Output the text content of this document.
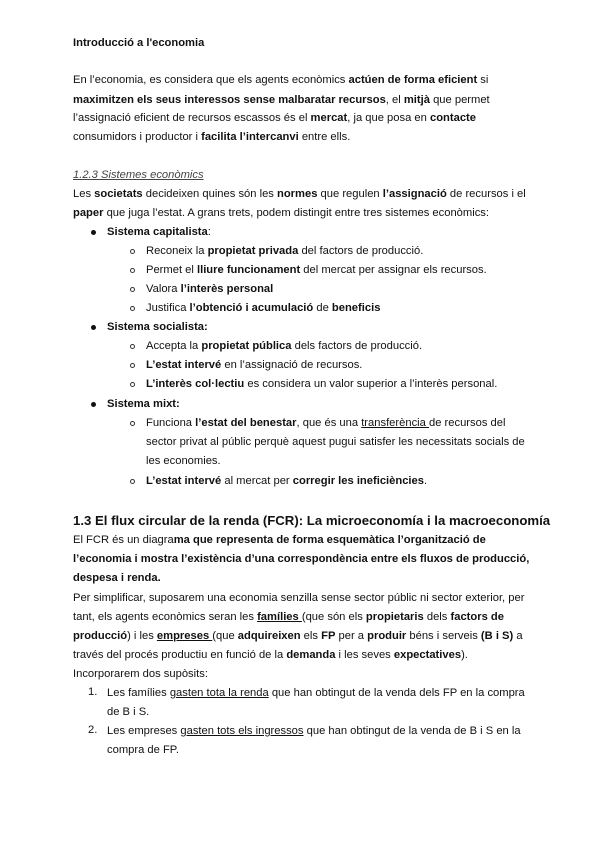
Introducció a l'economia
En l’economia, es considera que els agents econòmics actúen de forma eficient si
maximitzen els seus interessos sense malbaratar recursos, el mitjà que permet
l’assignació eficient de recursos escassos és el mercat, ja que posa en contacte
consumidors i productor i facilita l’intercanvi entre ells.
1.2.3 Sistemes econòmics
Les societats decideixen quines són les normes que regulen l’assignació de recursos i el
paper que juga l’estat. A grans trets, podem distingit entre tres sistemes econòmics:
Sistema capitalista:
Reconeix la propietat privada del factors de producció.
Permet el lliure funcionament del mercat per assignar els recursos.
Valora l’interès personal
Justifica l’obtenció i acumulació de beneficis
Sistema socialista:
Accepta la propietat pública dels factors de producció.
L’estat intervé en l’assignació de recursos.
L’interès col·lectiu es considera un valor superior a l’interès personal.
Sistema mixt:
Funciona l’estat del benestar, que és una transferència de recursos del
sector privat al públic perquè aquest pugui satisfer les necessitats socials de
les economies.
L’estat intervé al mercat per corregir les ineficiències.
1.3 El flux circular de la renda (FCR): La microeconomía i la macroeconomía
El FCR és un diagrama que representa de forma esquemàtica l’organització de
l’economia i mostra l’existència d’una correspondència entre els fluxos de producció,
despesa i renda.
Per simplificar, suposarem una economia senzilla sense sector públic ni sector exterior, per
tant, els agents econòmics seran les famílies (que són els propietaris dels factors de
producció) i les empreses (que adquireixen els FP per a produir béns i serveis (B i S) a
través del procés productiu en funció de la demanda i les seves expectatives).
Incorporarem dos supòsits:
1. Les famílies gasten tota la renda que han obtingut de la venda dels FP en la compra
de B i S.
2. Les empreses gasten tots els ingressos que han obtingut de la venda de B i S en la
compra de FP.
